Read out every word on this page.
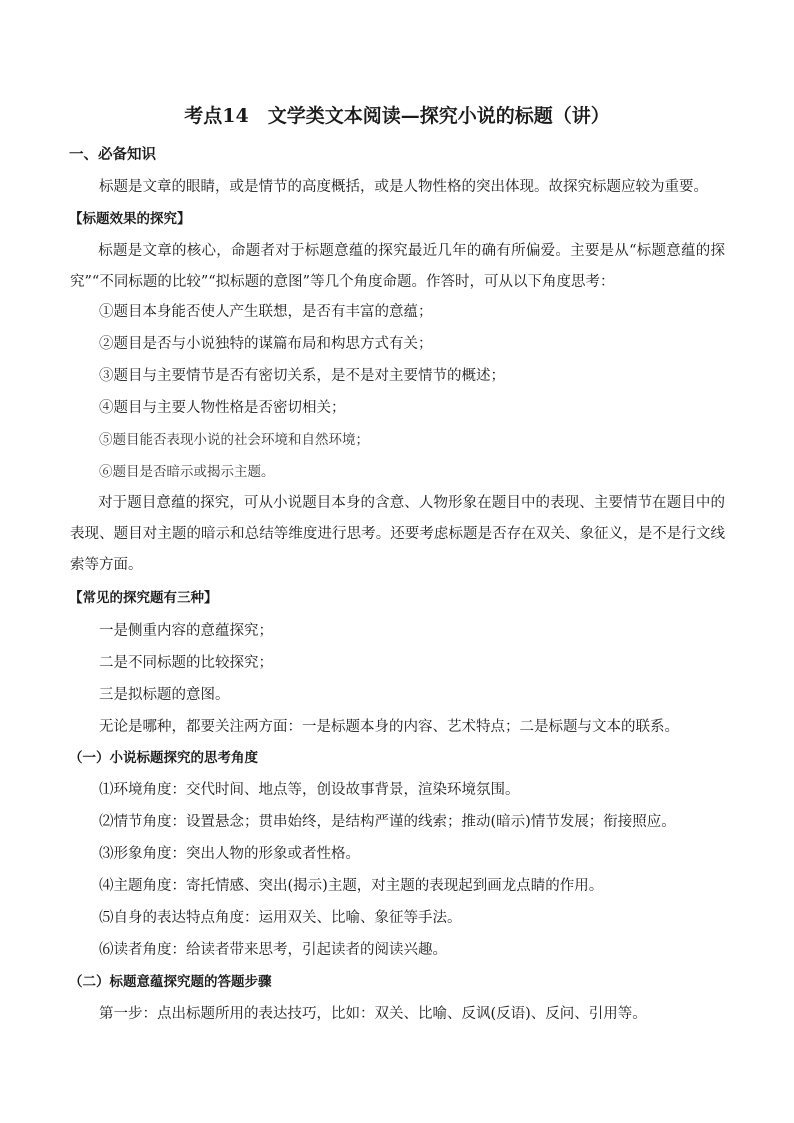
考点14　文学类文本阅读—探究小说的标题（讲）
一、必备知识
标题是文章的眼睛，或是情节的高度概括，或是人物性格的突出体现。故探究标题应较为重要。
【标题效果的探究】
标题是文章的核心，命题者对于标题意蕴的探究最近几年的确有所偏爱。主要是从“标题意蕴的探究”“不同标题的比较”“拟标题的意图”等几个角度命题。作答时，可从以下角度思考：
①题目本身能否使人产生联想，是否有丰富的意蕴；
②题目是否与小说独特的谋篇布局和构思方式有关；
③题目与主要情节是否有密切关系，是不是对主要情节的概述；
④题目与主要人物性格是否密切相关；
⑤题目能否表现小说的社会环境和自然环境；
⑥题目是否暗示或揭示主题。
对于题目意蕴的探究，可从小说题目本身的含意、人物形象在题目中的表现、主要情节在题目中的表现、题目对主题的暗示和总结等维度进行思考。还要考虑标题是否存在双关、象征义，是不是行文线索等方面。
【常见的探究题有三种】
一是侧重内容的意蕴探究；
二是不同标题的比较探究；
三是拟标题的意图。
无论是哪种，都要关注两方面：一是标题本身的内容、艺术特点；二是标题与文本的联系。
（一）小说标题探究的思考角度
⑴环境角度：交代时间、地点等，创设故事背景，渲染环境氛围。
⑵情节角度：设置悬念；贯串始终，是结构严谨的线索；推动(暗示)情节发展；衔接照应。
⑶形象角度：突出人物的形象或者性格。
⑷主题角度：寄托情感、突出(揭示)主题，对主题的表现起到画龙点睛的作用。
⑸自身的表达特点角度：运用双关、比喻、象征等手法。
⑹读者角度：给读者带来思考，引起读者的阅读兴趣。
（二）标题意蕴探究题的答题步骤
第一步：点出标题所用的表达技巧，比如：双关、比喻、反讽(反语)、反问、引用等。
